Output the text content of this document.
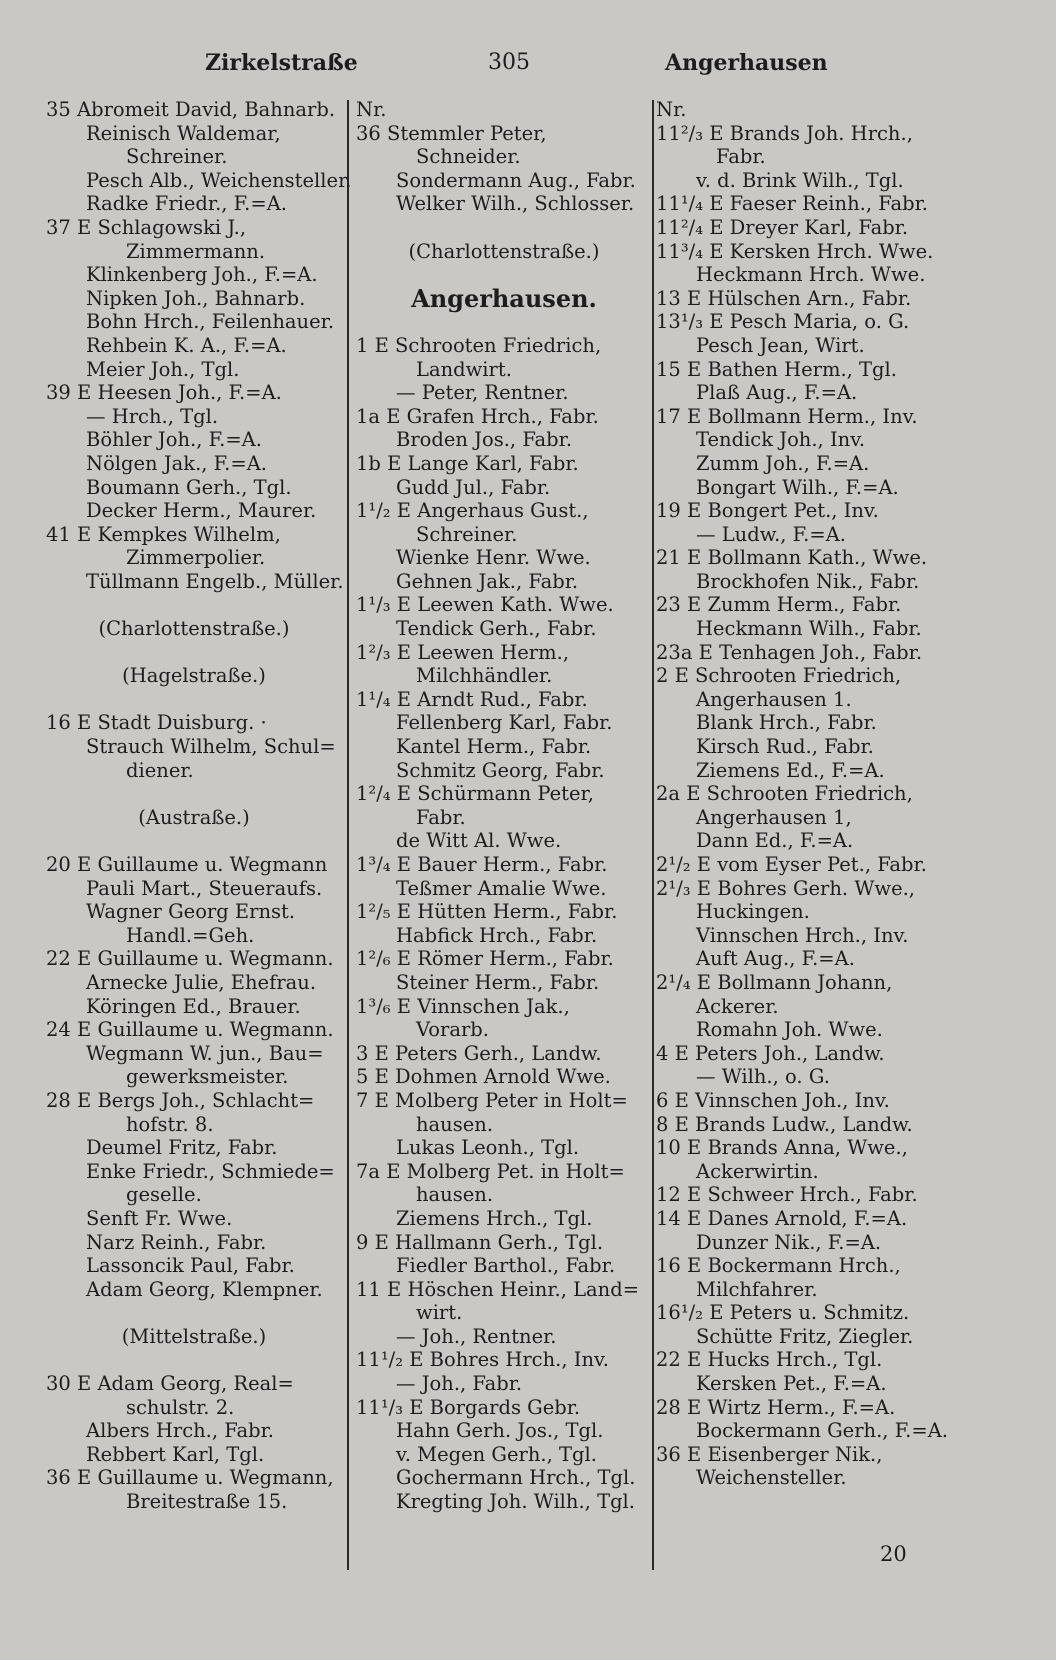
Zirkelstraße	305	Angerhausen
35 Abromeit David, Bahnarb.
Reinisch Waldemar,
Schreiner.
Pesch Alb., Weichensteller.
Radke Friedr., F.=A.
37 E Schlagowski J.,
Zimmermann.
Klinkenberg Joh., F.=A.
Nipken Joh., Bahnarb.
Bohn Hrch., Feilenhauer.
Rehbein K. A., F.=A.
Meier Joh., Tgl.
39 E Heesen Joh., F.=A.
— Hrch., Tgl.
Böhler Joh., F.=A.
Nölgen Jak., F.=A.
Boumann Gerh., Tgl.
Decker Herm., Maurer.
41 E Kempkes Wilhelm,
Zimmerpolier.
Tüllmann Engelb., Müller.
(Charlottenstraße.)
(Hagelstraße.)
16 E Stadt Duisburg. ·
Strauch Wilhelm, Schul=
diener.
(Austraße.)
20 E Guillaume u. Wegmann
Pauli Mart., Steueraufs.
Wagner Georg Ernst.
Handl.=Geh.
22 E Guillaume u. Wegmann.
Arnecke Julie, Ehefrau.
Köringen Ed., Brauer.
24 E Guillaume u. Wegmann.
Wegmann W. jun., Bau=
gewerksmeister.
28 E Bergs Joh., Schlacht=
hofstr. 8.
Deumel Fritz, Fabr.
Enke Friedr., Schmiede=
geselle.
Senft Fr. Wwe.
Narz Reinh., Fabr.
Lassoncik Paul, Fabr.
Adam Georg, Klempner.
(Mittelstraße.)
30 E Adam Georg, Real=
schulstr. 2.
Albers Hrch., Fabr.
Rebbert Karl, Tgl.
36 E Guillaume u. Wegmann,
Breitestraße 15.
Nr.
36 Stemmler Peter,
Schneider.
Sondermann Aug., Fabr.
Welker Wilh., Schlosser.
(Charlottenstraße.)
Angerhausen.
1 E Schrooten Friedrich,
Landwirt.
— Peter, Rentner.
1a E Grafen Hrch., Fabr.
Broden Jos., Fabr.
1b E Lange Karl, Fabr.
Gudd Jul., Fabr.
1¹/₂ E Angerhaus Gust.,
Schreiner.
Wienke Henr. Wwe.
Gehnen Jak., Fabr.
1¹/₃ E Leewen Kath. Wwe.
Tendick Gerh., Fabr.
1²/₃ E Leewen Herm.,
Milchhändler.
1¹/₄ E Arndt Rud., Fabr.
Fellenberg Karl, Fabr.
Kantel Herm., Fabr.
Schmitz Georg, Fabr.
1²/₄ E Schürmann Peter,
Fabr.
de Witt Al. Wwe.
1³/₄ E Bauer Herm., Fabr.
Teßmer Amalie Wwe.
1²/₅ E Hütten Herm., Fabr.
Habfick Hrch., Fabr.
1²/₆ E Römer Herm., Fabr.
Steiner Herm., Fabr.
1³/₆ E Vinnschen Jak.,
Vorarb.
3 E Peters Gerh., Landw.
5 E Dohmen Arnold Wwe.
7 E Molberg Peter in Holt=
hausen.
Lukas Leonh., Tgl.
7a E Molberg Pet. in Holt=
hausen.
Ziemens Hrch., Tgl.
9 E Hallmann Gerh., Tgl.
Fiedler Barthol., Fabr.
11 E Höschen Heinr., Land=
wirt.
— Joh., Rentner.
11¹/₂ E Bohres Hrch., Inv.
— Joh., Fabr.
11¹/₃ E Borgards Gebr.
Hahn Gerh. Jos., Tgl.
v. Megen Gerh., Tgl.
Gochermann Hrch., Tgl.
Kregting Joh. Wilh., Tgl.
Nr.
11²/₃ E Brands Joh. Hrch.,
Fabr.
v. d. Brink Wilh., Tgl.
11¹/₄ E Faeser Reinh., Fabr.
11²/₄ E Dreyer Karl, Fabr.
11³/₄ E Kersken Hrch. Wwe.
Heckmann Hrch. Wwe.
13 E Hülschen Arn., Fabr.
13¹/₃ E Pesch Maria, o. G.
Pesch Jean, Wirt.
15 E Bathen Herm., Tgl.
Plaß Aug., F.=A.
17 E Bollmann Herm., Inv.
Tendick Joh., Inv.
Zumm Joh., F.=A.
Bongart Wilh., F.=A.
19 E Bongert Pet., Inv.
— Ludw., F.=A.
21 E Bollmann Kath., Wwe.
Brockhofen Nik., Fabr.
23 E Zumm Herm., Fabr.
Heckmann Wilh., Fabr.
23a E Tenhagen Joh., Fabr.
2 E Schrooten Friedrich,
Angerhausen 1.
Blank Hrch., Fabr.
Kirsch Rud., Fabr.
Ziemens Ed., F.=A.
2a E Schrooten Friedrich,
Angerhausen 1,
Dann Ed., F.=A.
2¹/₂ E vom Eyser Pet., Fabr.
2¹/₃ E Bohres Gerh. Wwe.,
Huckingen.
Vinnschen Hrch., Inv.
Auft Aug., F.=A.
2¹/₄ E Bollmann Johann,
Ackerer.
Romahn Joh. Wwe.
4 E Peters Joh., Landw.
— Wilh., o. G.
6 E Vinnschen Joh., Inv.
8 E Brands Ludw., Landw.
10 E Brands Anna, Wwe.,
Ackerwirtin.
12 E Schweer Hrch., Fabr.
14 E Danes Arnold, F.=A.
Dunzer Nik., F.=A.
16 E Bockermann Hrch.,
Milchfahrer.
16¹/₂ E Peters u. Schmitz.
Schütte Fritz, Ziegler.
22 E Hucks Hrch., Tgl.
Kersken Pet., F.=A.
28 E Wirtz Herm., F.=A.
Bockermann Gerh., F.=A.
36 E Eisenberger Nik.,
Weichensteller.
20
